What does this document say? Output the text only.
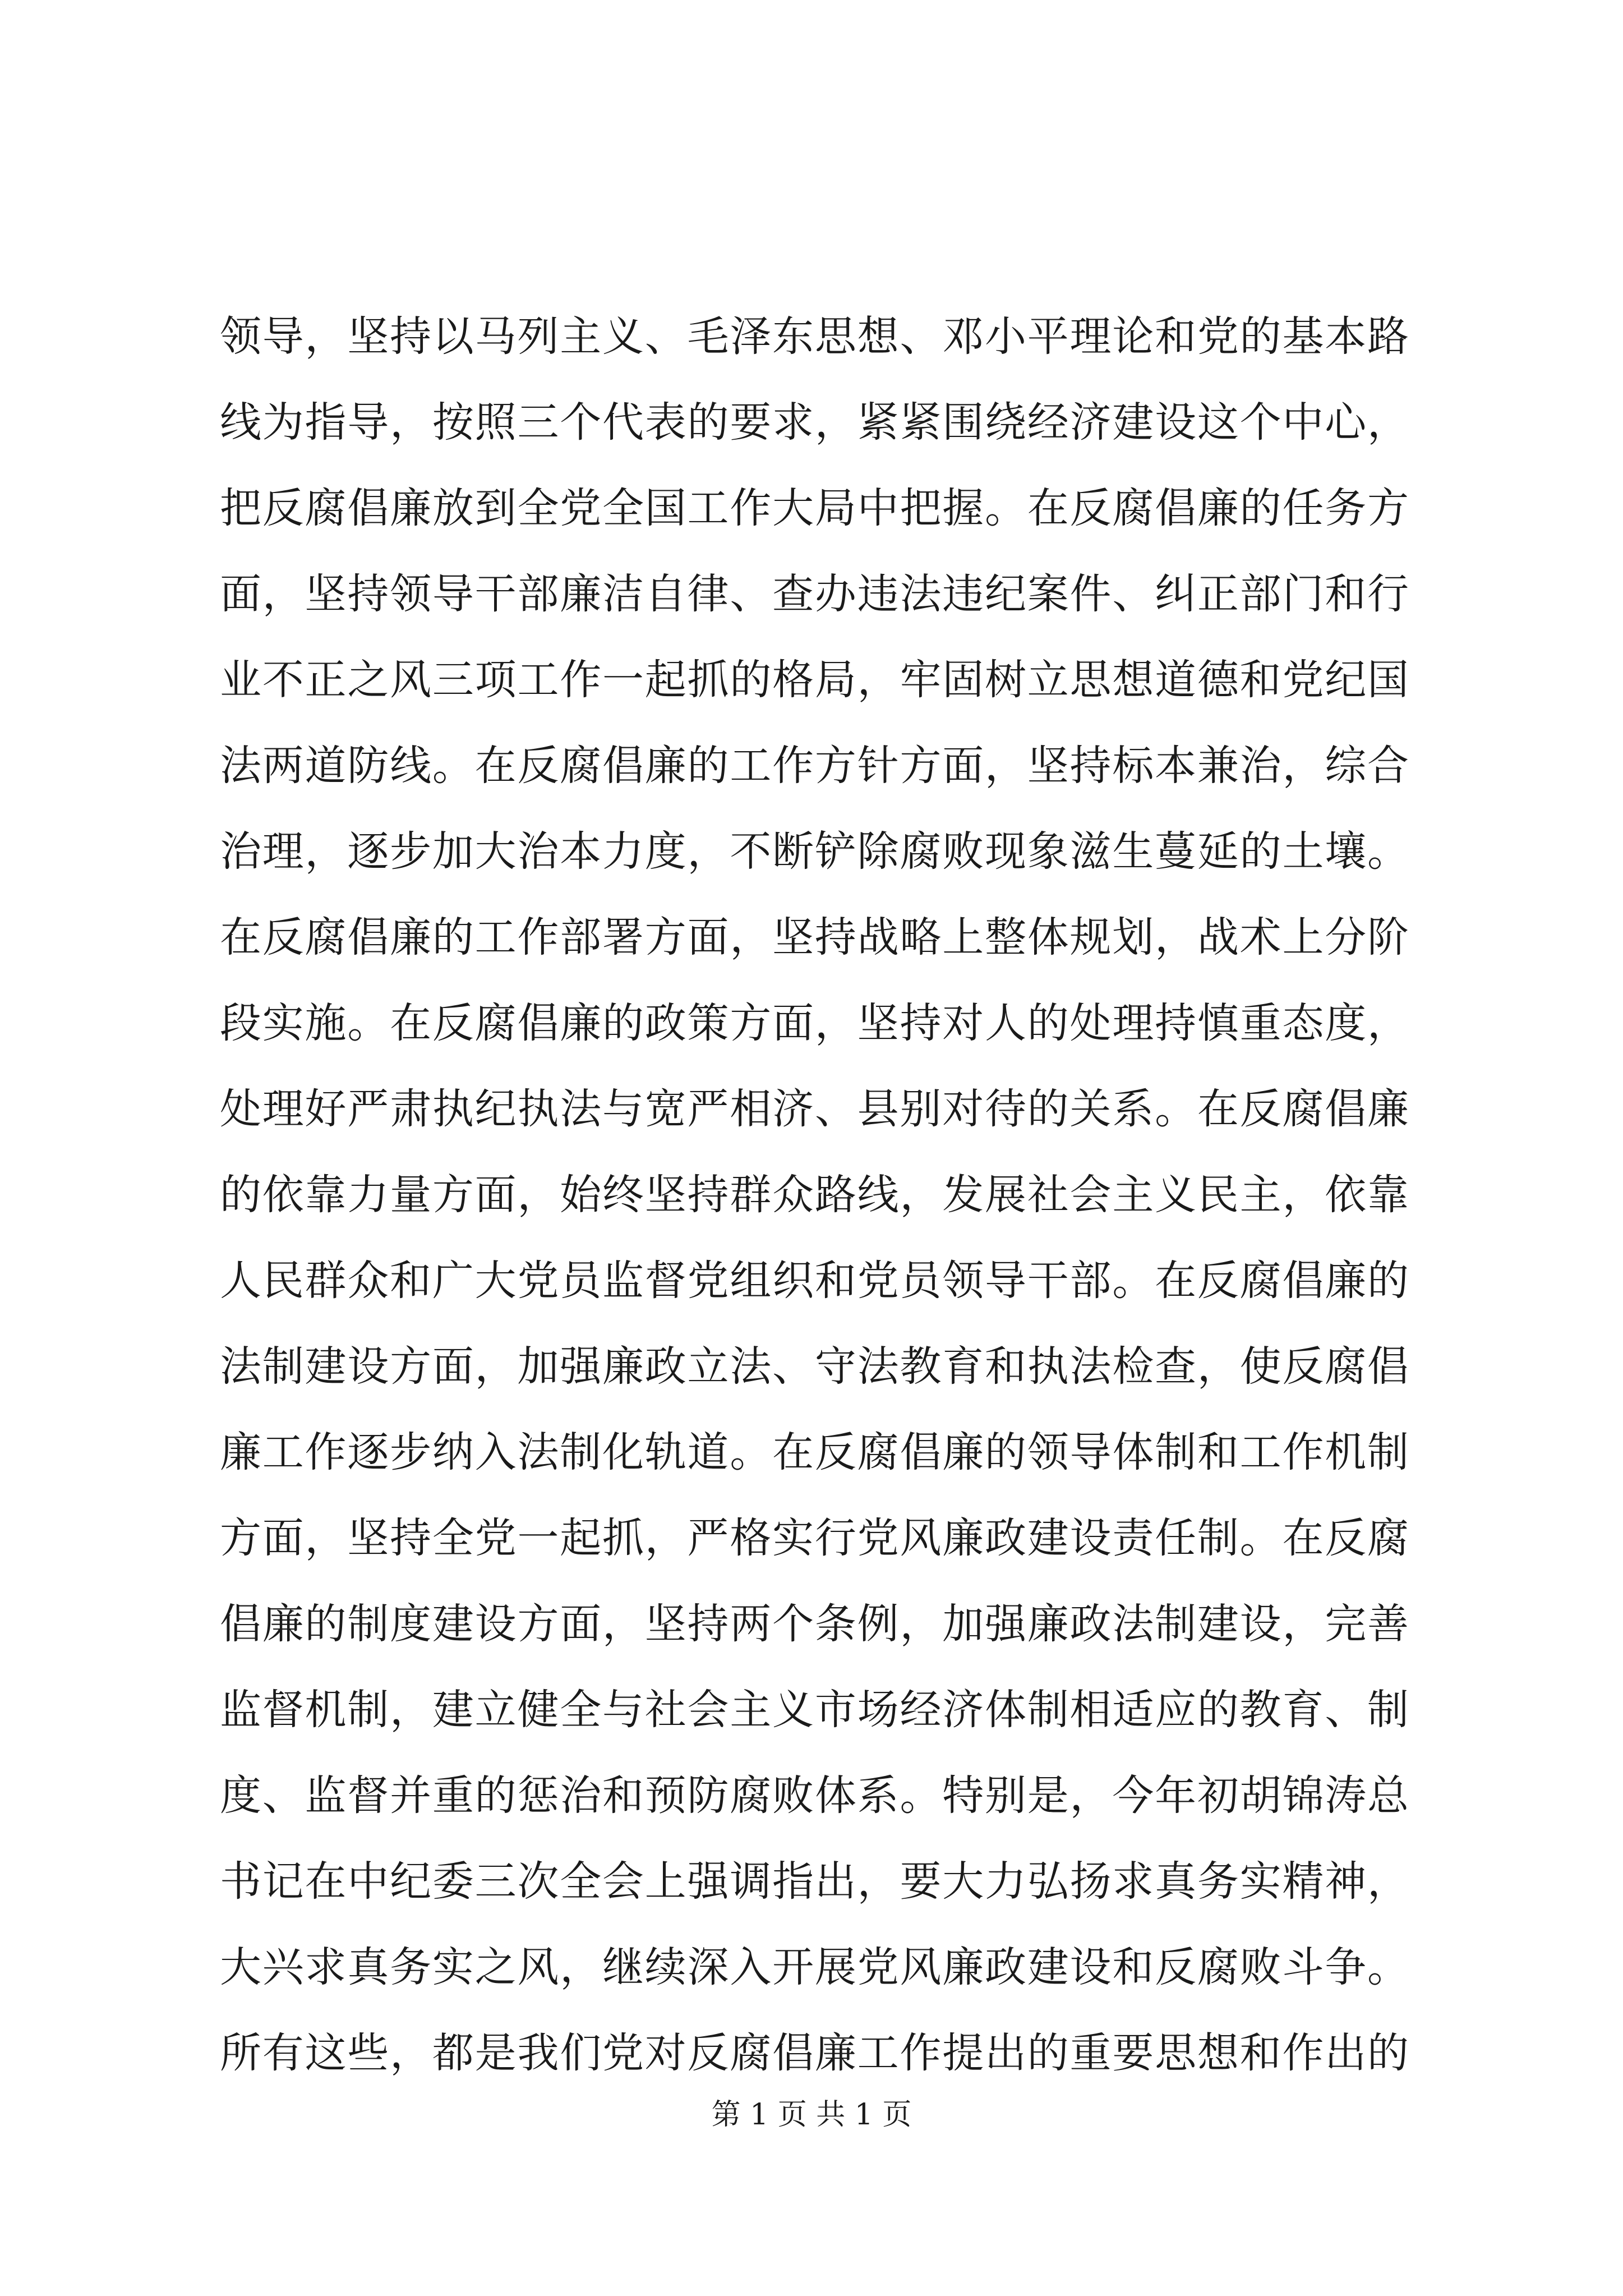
领导，坚持以马列主义、毛泽东思想、邓小平理论和党的基本路
线为指导，按照三个代表的要求，紧紧围绕经济建设这个中心，
把反腐倡廉放到全党全国工作大局中把握。在反腐倡廉的任务方
面，坚持领导干部廉洁自律、查办违法违纪案件、纠正部门和行
业不正之风三项工作一起抓的格局，牢固树立思想道德和党纪国
法两道防线。在反腐倡廉的工作方针方面，坚持标本兼治，综合
治理，逐步加大治本力度，不断铲除腐败现象滋生蔓延的土壤。
在反腐倡廉的工作部署方面，坚持战略上整体规划，战术上分阶
段实施。在反腐倡廉的政策方面，坚持对人的处理持慎重态度，
处理好严肃执纪执法与宽严相济、县别对待的关系。在反腐倡廉
的依靠力量方面，始终坚持群众路线，发展社会主义民主，依靠
人民群众和广大党员监督党组织和党员领导干部。在反腐倡廉的
法制建设方面，加强廉政立法、守法教育和执法检查，使反腐倡
廉工作逐步纳入法制化轨道。在反腐倡廉的领导体制和工作机制
方面，坚持全党一起抓，严格实行党风廉政建设责任制。在反腐
倡廉的制度建设方面，坚持两个条例，加强廉政法制建设，完善
监督机制，建立健全与社会主义市场经济体制相适应的教育、制
度、监督并重的惩治和预防腐败体系。特别是，今年初胡锦涛总
书记在中纪委三次全会上强调指出，要大力弘扬求真务实精神，
大兴求真务实之风，继续深入开展党风廉政建设和反腐败斗争。
所有这些，都是我们党对反腐倡廉工作提出的重要思想和作出的
第 1 页 共 1 页
